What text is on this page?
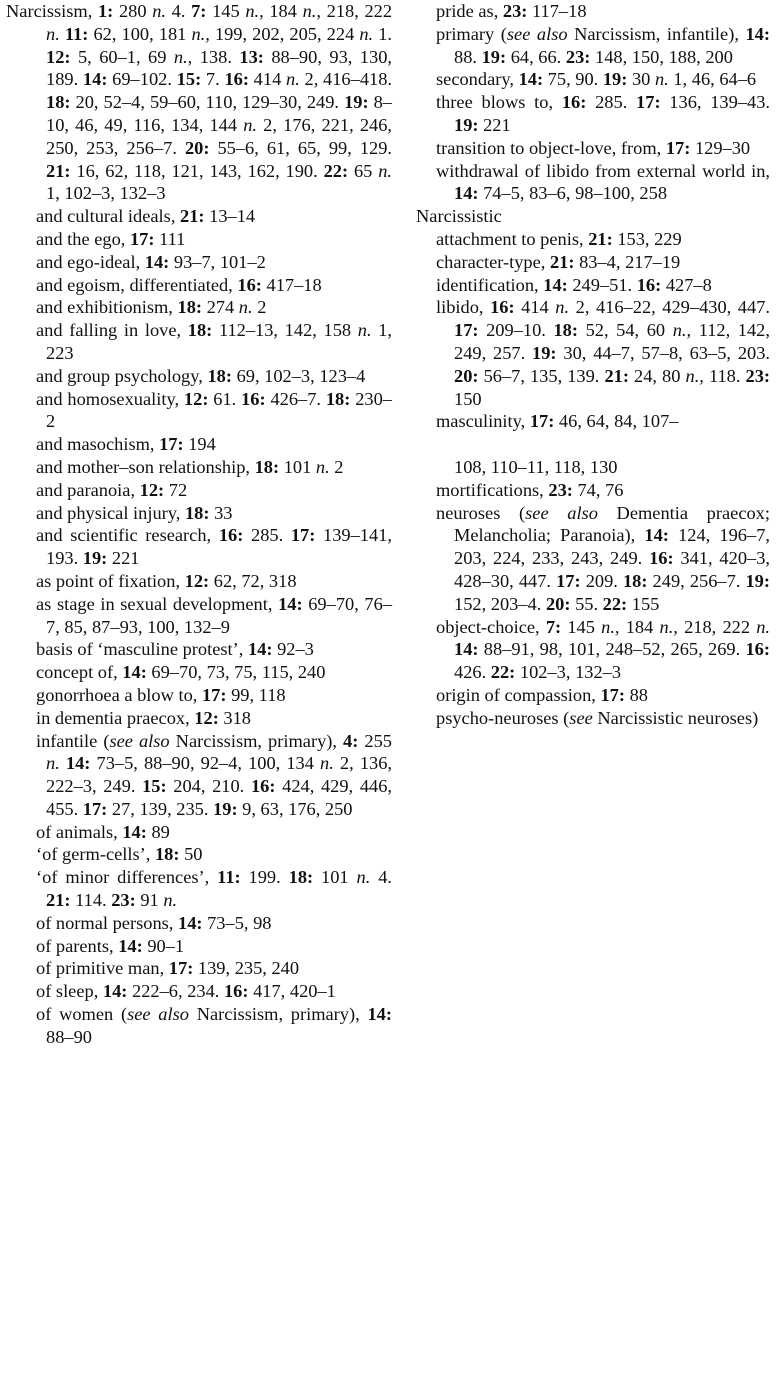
Narcissism, 1: 280 n. 4. 7: 145 n., 184 n., 218, 222 n. 11: 62, 100, 181 n., 199, 202, 205, 224 n. 1. 12: 5, 60–1, 69 n., 138. 13: 88–90, 93, 130, 189. 14: 69–102. 15: 7. 16: 414 n. 2, 416–418. 18: 20, 52–4, 59–60, 110, 129–30, 249. 19: 8–10, 46, 49, 116, 134, 144 n. 2, 176, 221, 246, 250, 253, 256–7. 20: 55–6, 61, 65, 99, 129. 21: 16, 62, 118, 121, 143, 162, 190. 22: 65 n. 1, 102–3, 132–3
and cultural ideals, 21: 13–14
and the ego, 17: 111
and ego-ideal, 14: 93–7, 101–2
and egoism, differentiated, 16: 417–18
and exhibitionism, 18: 274 n. 2
and falling in love, 18: 112–13, 142, 158 n. 1, 223
and group psychology, 18: 69, 102–3, 123–4
and homosexuality, 12: 61. 16: 426–7. 18: 230–2
and masochism, 17: 194
and mother–son relationship, 18: 101 n. 2
and paranoia, 12: 72
and physical injury, 18: 33
and scientific research, 16: 285. 17: 139–141, 193. 19: 221
as point of fixation, 12: 62, 72, 318
as stage in sexual development, 14: 69–70, 76–7, 85, 87–93, 100, 132–9
basis of ‘masculine protest’, 14: 92–3
concept of, 14: 69–70, 73, 75, 115, 240
gonorrhoea a blow to, 17: 99, 118
in dementia praecox, 12: 318
infantile (see also Narcissism, primary), 4: 255 n. 14: 73–5, 88–90, 92–4, 100, 134 n. 2, 136, 222–3, 249. 15: 204, 210. 16: 424, 429, 446, 455. 17: 27, 139, 235. 19: 9, 63, 176, 250
of animals, 14: 89
‘of germ-cells’, 18: 50
‘of minor differences’, 11: 199. 18: 101 n. 4. 21: 114. 23: 91 n.
of normal persons, 14: 73–5, 98
of parents, 14: 90–1
of primitive man, 17: 139, 235, 240
of sleep, 14: 222–6, 234. 16: 417, 420–1
of women (see also Narcissism, primary), 14: 88–90
pride as, 23: 117–18
primary (see also Narcissism, infantile), 14: 88. 19: 64, 66. 23: 148, 150, 188, 200
secondary, 14: 75, 90. 19: 30 n. 1, 46, 64–6
three blows to, 16: 285. 17: 136, 139–43. 19: 221
transition to object-love, from, 17: 129–30
withdrawal of libido from external world in, 14: 74–5, 83–6, 98–100, 258
Narcissistic
attachment to penis, 21: 153, 229
character-type, 21: 83–4, 217–19
identification, 14: 249–51. 16: 427–8
libido, 16: 414 n. 2, 416–22, 429–430, 447. 17: 209–10. 18: 52, 54, 60 n., 112, 142, 249, 257. 19: 30, 44–7, 57–8, 63–5, 203. 20: 56–7, 135, 139. 21: 24, 80 n., 118. 23: 150
masculinity, 17: 46, 64, 84, 107–
108, 110–11, 118, 130
mortifications, 23: 74, 76
neuroses (see also Dementia praecox; Melancholia; Paranoia), 14: 124, 196–7, 203, 224, 233, 243, 249. 16: 341, 420–3, 428–30, 447. 17: 209. 18: 249, 256–7. 19: 152, 203–4. 20: 55. 22: 155
object-choice, 7: 145 n., 184 n., 218, 222 n. 14: 88–91, 98, 101, 248–52, 265, 269. 16: 426. 22: 102–3, 132–3
origin of compassion, 17: 88
psycho-neuroses (see Narcissistic neuroses)
